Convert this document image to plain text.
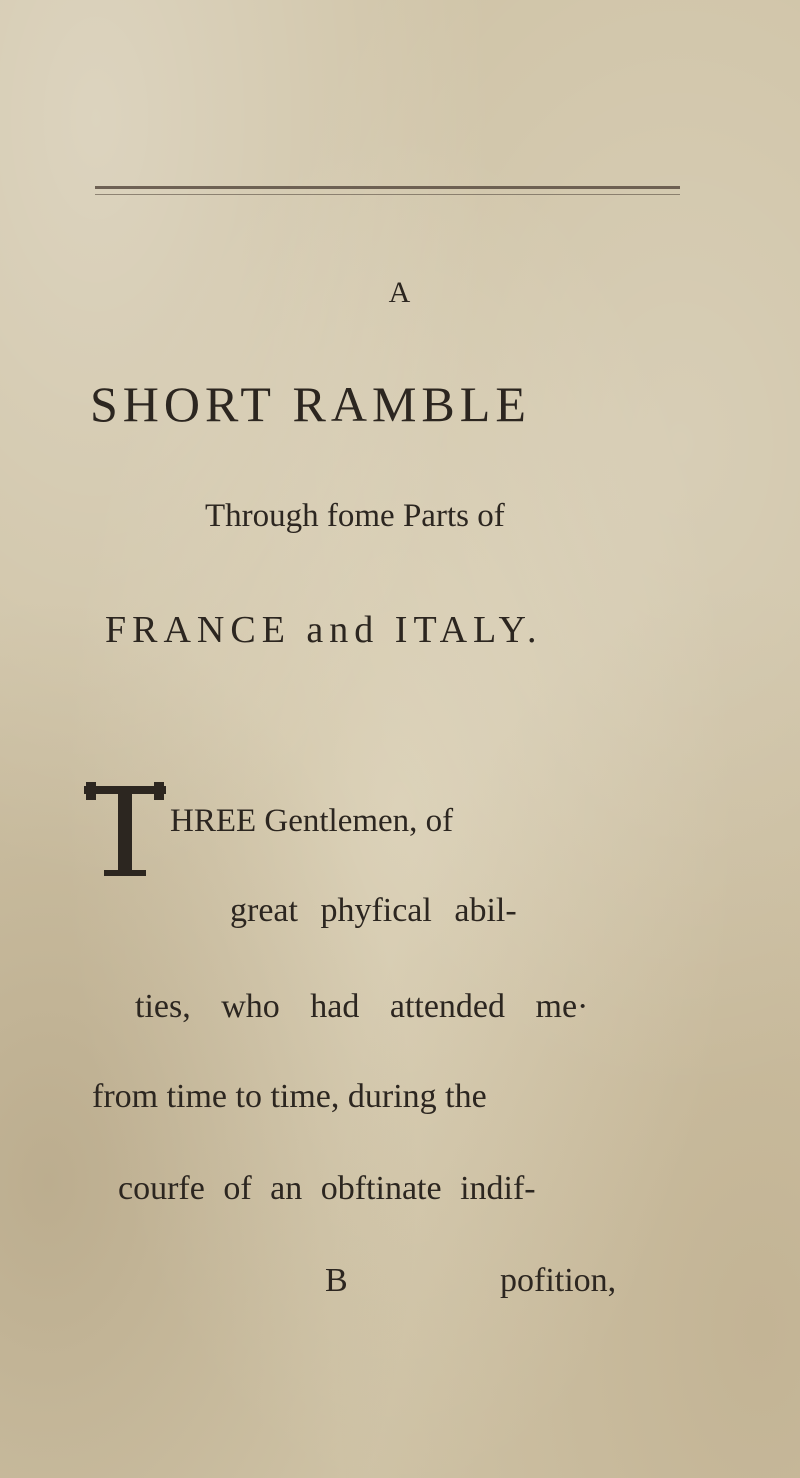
A
SHORT RAMBLE
Through fome Parts of
FRANCE and ITALY.
HREE Gentlemen, of
great phyfical abil-
ties, who had attended me·
from time to time, during the
courfe of an obftinate indif-
B	pofition,
